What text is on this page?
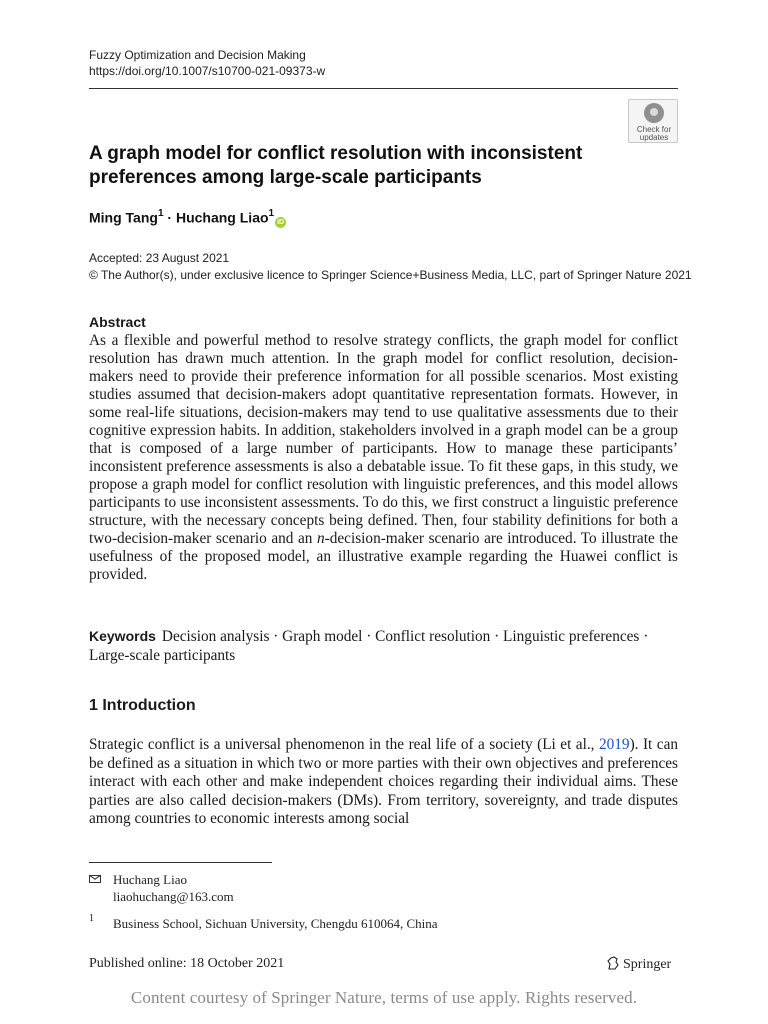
Fuzzy Optimization and Decision Making
https://doi.org/10.1007/s10700-021-09373-w
Check for
updates
A graph model for conflict resolution with inconsistent preferences among large-scale participants
Ming Tang$^1$ · Huchang Liao$^1$iD
Accepted: 23 August 2021
© The Author(s), under exclusive licence to Springer Science+Business Media, LLC, part of Springer Nature 2021
Abstract
As a flexible and powerful method to resolve strategy conflicts, the graph model for conflict resolution has drawn much attention. In the graph model for conflict resolution, decision-makers need to provide their preference information for all possible scenarios. Most existing studies assumed that decision-makers adopt quantitative representation formats. However, in some real-life situations, decision-makers may tend to use qualitative assessments due to their cognitive expression habits. In addition, stakeholders involved in a graph model can be a group that is composed of a large number of participants. How to manage these participants’ inconsistent preference assessments is also a debatable issue. To fit these gaps, in this study, we propose a graph model for conflict resolution with linguistic preferences, and this model allows participants to use inconsistent assessments. To do this, we first construct a linguistic preference structure, with the necessary concepts being defined. Then, four stability definitions for both a two-decision-maker scenario and an n-decision-maker scenario are introduced. To illustrate the usefulness of the proposed model, an illustrative example regarding the Huawei conflict is provided.
Keywords Decision analysis · Graph model · Conflict resolution · Linguistic preferences · Large-scale participants
1 Introduction
Strategic conflict is a universal phenomenon in the real life of a society (Li et al., 2019). It can be defined as a situation in which two or more parties with their own objectives and preferences interact with each other and make independent choices regarding their individual aims. These parties are also called decision-makers (DMs). From territory, sovereignty, and trade disputes among countries to economic interests among social
Huchang Liao
liaohuchang@163.com
1 Business School, Sichuan University, Chengdu 610064, China
Published online: 18 October 2021	Springer
Content courtesy of Springer Nature, terms of use apply. Rights reserved.
